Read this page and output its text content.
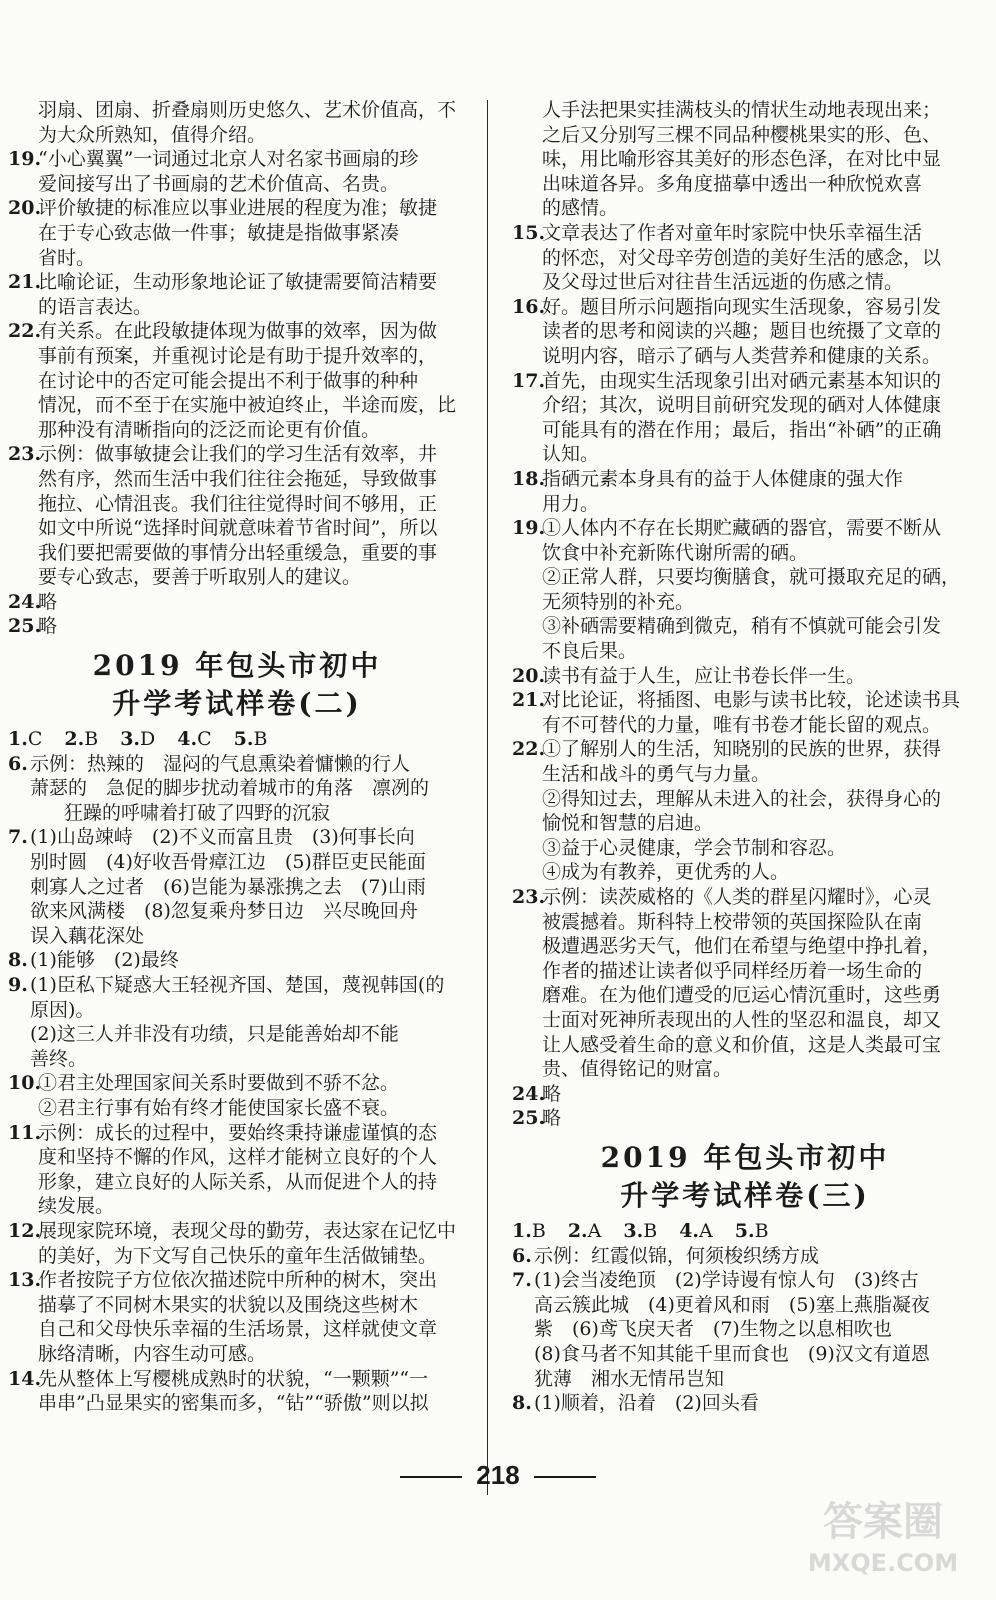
羽扇、团扇、折叠扇则历史悠久、艺术价值高，不
为大众所熟知，值得介绍。

19.
“小心翼翼”一词通过北京人对名家书画扇的珍
爱间接写出了书画扇的艺术价值高、名贵。
20.
评价敏捷的标准应以事业进展的程度为准；敏捷
在于专心致志做一件事；敏捷是指做事紧凑
省时。
21.
比喻论证，生动形象地论证了敏捷需要简洁精要
的语言表达。
22.
有关系。在此段敏捷体现为做事的效率，因为做
事前有预案，并重视讨论是有助于提升效率的，
在讨论中的否定可能会提出不利于做事的种种
情况，而不至于在实施中被迫终止，半途而废，比
那种没有清晰指向的泛泛而论更有价值。
23.
示例：做事敏捷会让我们的学习生活有效率，井
然有序，然而生活中我们往往会拖延，导致做事
拖拉、心情沮丧。我们往往觉得时间不够用，正
如文中所说“选择时间就意味着节省时间”，所以
我们要把需要做的事情分出轻重缓急，重要的事
要专心致志，要善于听取别人的建议。
24.
略
25.
略
2019 年包头市初中
升学考试样卷(二)
1.C 2.B 3.D 4.C 5.B
6. 示例：热辣的　湿闷的气息熏染着慵懒的行人
萧瑟的　急促的脚步扰动着城市的角落　凛冽的
狂躁的呼啸着打破了四野的沉寂
7. (1)山岛竦峙　(2)不义而富且贵　(3)何事长向
别时圆　(4)好收吾骨瘴江边　(5)群臣吏民能面
刺寡人之过者　(6)岂能为暴涨携之去　(7)山雨
欲来风满楼　(8)忽复乘舟梦日边　兴尽晚回舟
误入藕花深处
8. (1)能够　(2)最终
9. (1)臣私下疑惑大王轻视齐国、楚国，蔑视韩国(的
原因)。
(2)这三人并非没有功绩，只是能善始却不能
善终。
10.
①君主处理国家间关系时要做到不骄不忿。
②君主行事有始有终才能使国家长盛不衰。
11.
示例：成长的过程中，要始终秉持谦虚谨慎的态
度和坚持不懈的作风，这样才能树立良好的个人
形象，建立良好的人际关系，从而促进个人的持
续发展。
12.
展现家院环境，表现父母的勤劳，表达家在记忆中
的美好，为下文写自己快乐的童年生活做铺垫。
13.
作者按院子方位依次描述院中所种的树木，突出
描摹了不同树木果实的状貌以及围绕这些树木
自己和父母快乐幸福的生活场景，这样就使文章
脉络清晰，内容生动可感。
14.
先从整体上写樱桃成熟时的状貌，“一颗颗”“一
串串”凸显果实的密集而多，“钻”“骄傲”则以拟

人手法把果实挂满枝头的情状生动地表现出来；
之后又分别写三棵不同品种樱桃果实的形、色、
味，用比喻形容其美好的形态色泽，在对比中显
出味道各异。多角度描摹中透出一种欣悦欢喜
的感情。

15.
文章表达了作者对童年时家院中快乐幸福生活
的怀恋，对父母辛劳创造的美好生活的感念，以
及父母过世后对往昔生活远逝的伤感之情。
16.
好。题目所示问题指向现实生活现象，容易引发
读者的思考和阅读的兴趣；题目也统摄了文章的
说明内容，暗示了硒与人类营养和健康的关系。
17.
首先，由现实生活现象引出对硒元素基本知识的
介绍；其次，说明目前研究发现的硒对人体健康
可能具有的潜在作用；最后，指出“补硒”的正确
认知。
18.
指硒元素本身具有的益于人体健康的强大作
用力。
19.
①人体内不存在长期贮藏硒的器官，需要不断从
饮食中补充新陈代谢所需的硒。
②正常人群，只要均衡膳食，就可摄取充足的硒，
无须特别的补充。
③补硒需要精确到微克，稍有不慎就可能会引发
不良后果。
20.
读书有益于人生，应让书卷长伴一生。
21.
对比论证，将插图、电影与读书比较，论述读书具
有不可替代的力量，唯有书卷才能长留的观点。
22.
①了解别人的生活，知晓别的民族的世界，获得
生活和战斗的勇气与力量。
②得知过去，理解从未进入的社会，获得身心的
愉悦和智慧的启迪。
③益于心灵健康，学会节制和容忍。
④成为有教养，更优秀的人。
23.
示例：读茨威格的《人类的群星闪耀时》，心灵
被震撼着。斯科特上校带领的英国探险队在南
极遭遇恶劣天气，他们在希望与绝望中挣扎着，
作者的描述让读者似乎同样经历着一场生命的
磨难。在为他们遭受的厄运心情沉重时，这些勇
士面对死神所表现出的人性的坚忍和温良，却又
让人感受着生命的意义和价值，这是人类最可宝
贵、值得铭记的财富。
24.
略
25.
略
2019 年包头市初中
升学考试样卷(三)
1.B 2.A 3.B 4.A 5.B
6. 示例：红霞似锦，何须梭织绣方成
7. (1)会当凌绝顶　(2)学诗谩有惊人句　(3)终古
高云簇此城　(4)更着风和雨　(5)塞上燕脂凝夜
紫　(6)鸢飞戾天者　(7)生物之以息相吹也
(8)食马者不知其能千里而食也　(9)汉文有道恩
犹薄　湘水无情吊岂知
8. (1)顺着，沿着　(2)回头看
218
答案圈
MXQE.COM
